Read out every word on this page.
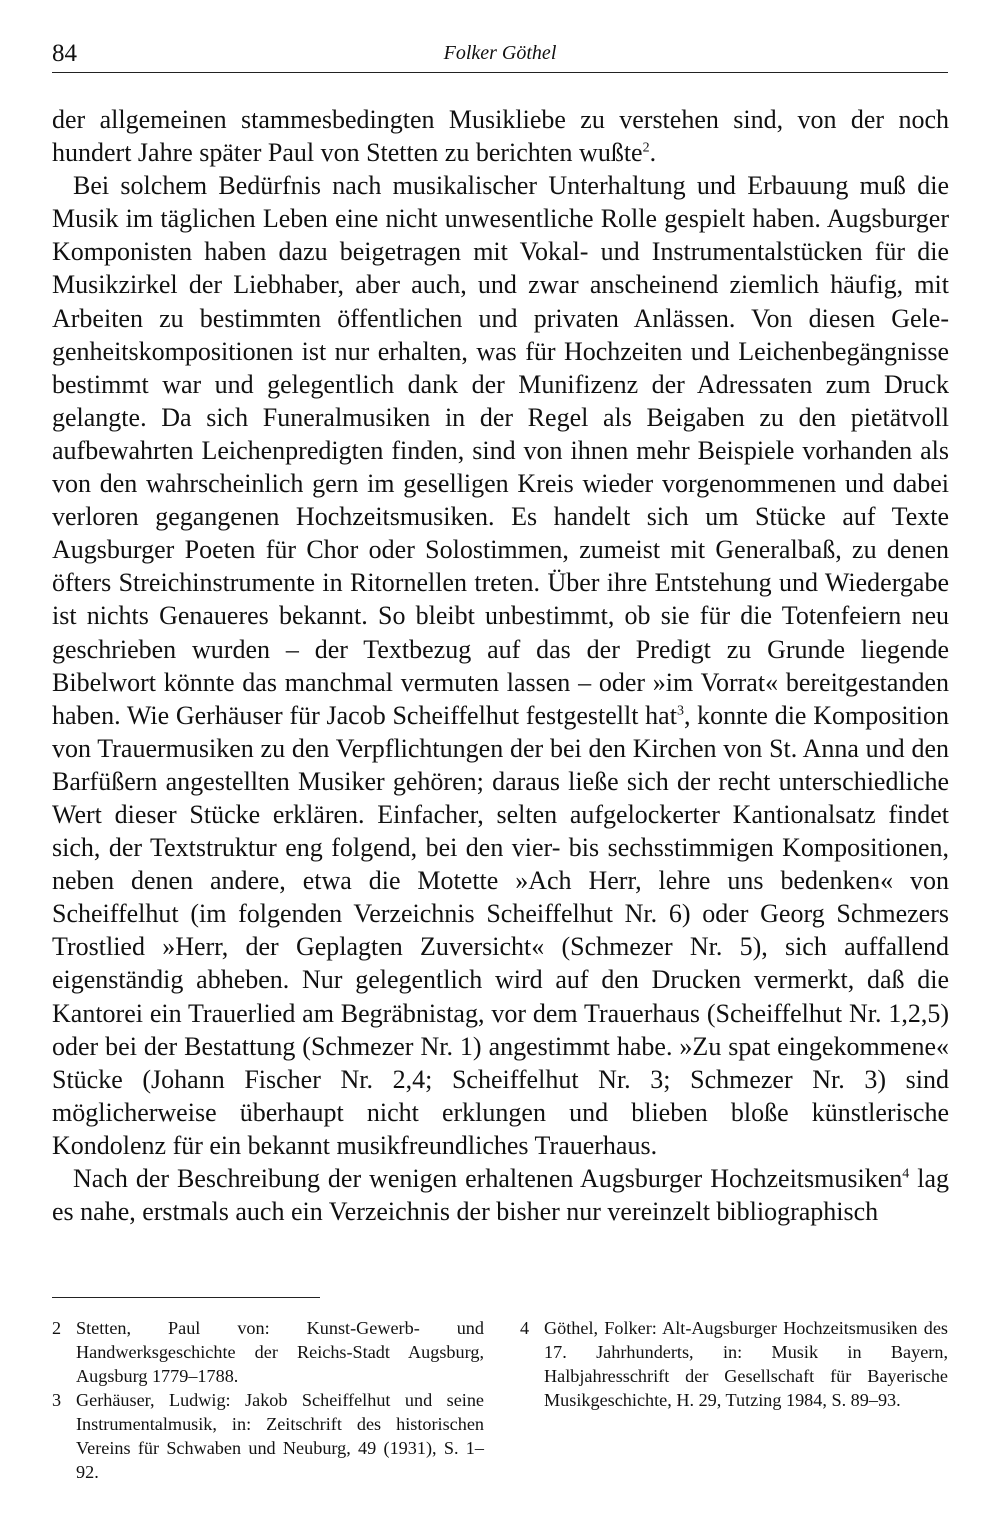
84	Folker Göthel

der allgemeinen stammesbedingten Musikliebe zu verstehen sind, von der noch hundert Jahre später Paul von Stetten zu berichten wußte$^2$.

Bei solchem Bedürfnis nach musikalischer Unterhaltung und Erbauung muß die Musik im täglichen Leben eine nicht unwesentliche Rolle gespielt haben. Augsburger Komponisten haben dazu beigetragen mit Vokal- und Instrumentalstücken für die Musikzirkel der Liebhaber, aber auch, und zwar anscheinend ziemlich häufig, mit Arbeiten zu bestimmten öffentlichen und privaten Anlässen. Von diesen Gelegenheitskompositionen ist nur erhalten, was für Hochzeiten und Leichenbegängnisse bestimmt war und gelegentlich dank der Munifizenz der Adressaten zum Druck gelangte. Da sich Funeralmusiken in der Regel als Beigaben zu den pietätvoll aufbewahrten Leichenpredigten finden, sind von ihnen mehr Beispiele vorhanden als von den wahrscheinlich gern im geselligen Kreis wieder vorgenommenen und dabei verloren gegangenen Hochzeitsmusiken. Es handelt sich um Stücke auf Texte Augsburger Poeten für Chor oder Solostimmen, zumeist mit Generalbaß, zu denen öfters Streichinstrumente in Ritornellen treten. Über ihre Entstehung und Wiedergabe ist nichts Genaueres bekannt. So bleibt unbestimmt, ob sie für die Totenfeiern neu geschrieben wurden – der Textbezug auf das der Predigt zu Grunde liegende Bibelwort könnte das manchmal vermuten lassen – oder »im Vorrat« bereitgestanden haben. Wie Gerhäuser für Jacob Scheiffelhut festgestellt hat$^3$, konnte die Komposition von Trauermusiken zu den Verpflichtungen der bei den Kirchen von St. Anna und den Barfüßern angestellten Musiker gehören; daraus ließe sich der recht unterschiedliche Wert dieser Stücke erklären. Einfacher, selten aufgelockerter Kantionalsatz findet sich, der Textstruktur eng folgend, bei den vier- bis sechsstimmigen Kompositionen, neben denen andere, etwa die Motette »Ach Herr, lehre uns bedenken« von Scheiffelhut (im folgenden Verzeichnis Scheiffelhut Nr. 6) oder Georg Schmezers Trostlied »Herr, der Geplagten Zuversicht« (Schmezer Nr. 5), sich auffallend eigenständig abheben. Nur gelegentlich wird auf den Drucken vermerkt, daß die Kantorei ein Trauerlied am Begräbnistag, vor dem Trauerhaus (Scheiffelhut Nr. 1,2,5) oder bei der Bestattung (Schmezer Nr. 1) angestimmt habe. »Zu spat eingekommene« Stücke (Johann Fischer Nr. 2,4; Scheiffelhut Nr. 3; Schmezer Nr. 3) sind möglicherweise überhaupt nicht erklungen und blieben bloße künstlerische Kondolenz für ein bekannt musikfreundliches Trauerhaus.

Nach der Beschreibung der wenigen erhaltenen Augsburger Hochzeitsmusiken$^4$ lag es nahe, erstmals auch ein Verzeichnis der bisher nur vereinzelt bibliographisch

2 Stetten, Paul von: Kunst-Gewerb- und Handwerksgeschichte der Reichs-Stadt Augsburg, Augsburg 1779–1788.
3 Gerhäuser, Ludwig: Jakob Scheiffelhut und seine Instrumentalmusik, in: Zeitschrift des historischen Vereins für Schwaben und Neuburg, 49 (1931), S. 1–92.
4 Göthel, Folker: Alt-Augsburger Hochzeitsmusiken des 17. Jahrhunderts, in: Musik in Bayern, Halbjahresschrift der Gesellschaft für Bayerische Musikgeschichte, H. 29, Tutzing 1984, S. 89–93.
